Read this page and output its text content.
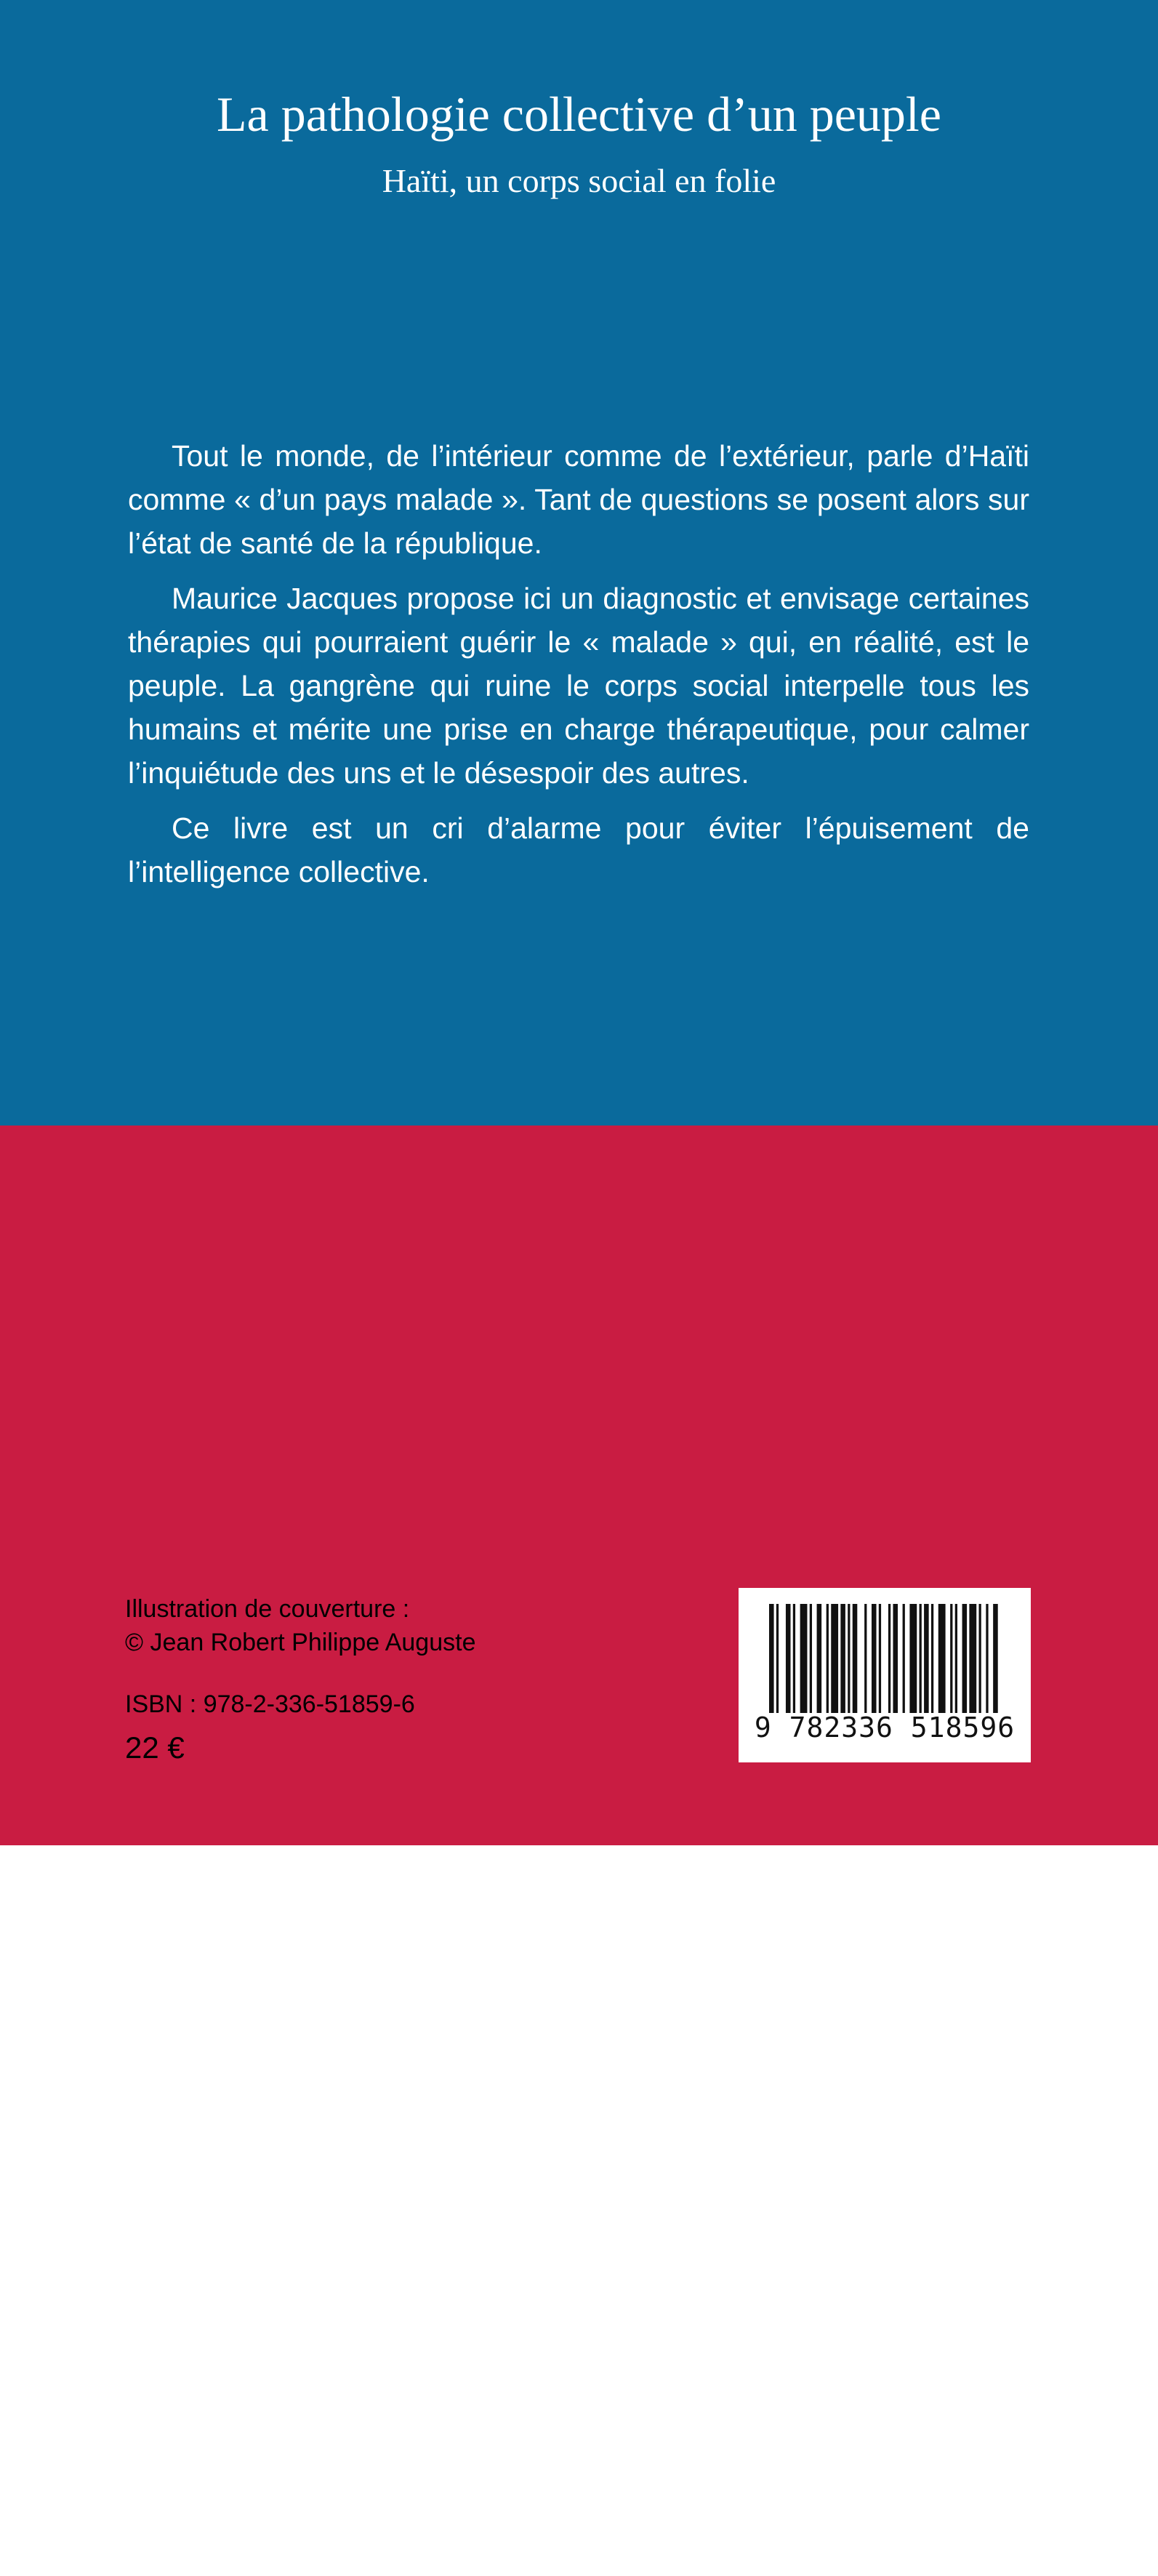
La pathologie collective d’un peuple
Haïti, un corps social en folie

Tout le monde, de l’intérieur comme de l’extérieur, parle d’Haïti comme « d’un pays malade ». Tant de questions se posent alors sur l’état de santé de la république.

Maurice Jacques propose ici un diagnostic et envisage certaines thérapies qui pourraient guérir le « malade » qui, en réalité, est le peuple. La gangrène qui ruine le corps social interpelle tous les humains et mérite une prise en charge thérapeutique, pour calmer l’inquiétude des uns et le désespoir des autres.

Ce livre est un cri d’alarme pour éviter l’épuisement de l’intelligence collective.

Docteur en psychologie éducationnelle, psychothérapeute, Maurice Jacques a obtenu une licence en droit en Haïti avant de partir pour le Canada où il a étudié et enseigné à l’université Laval au Québec. Il a étudié l’approche psychocorporelle au Radix Institute en Californie et au Texas. Il enseigne actuellement à l’université Quisqueya à Port-au-Prince (Haïti).

Illustration de couverture :
© Jean Robert Philippe Auguste
ISBN : 978-2-336-51859-6
22 €
9 782336 518596
